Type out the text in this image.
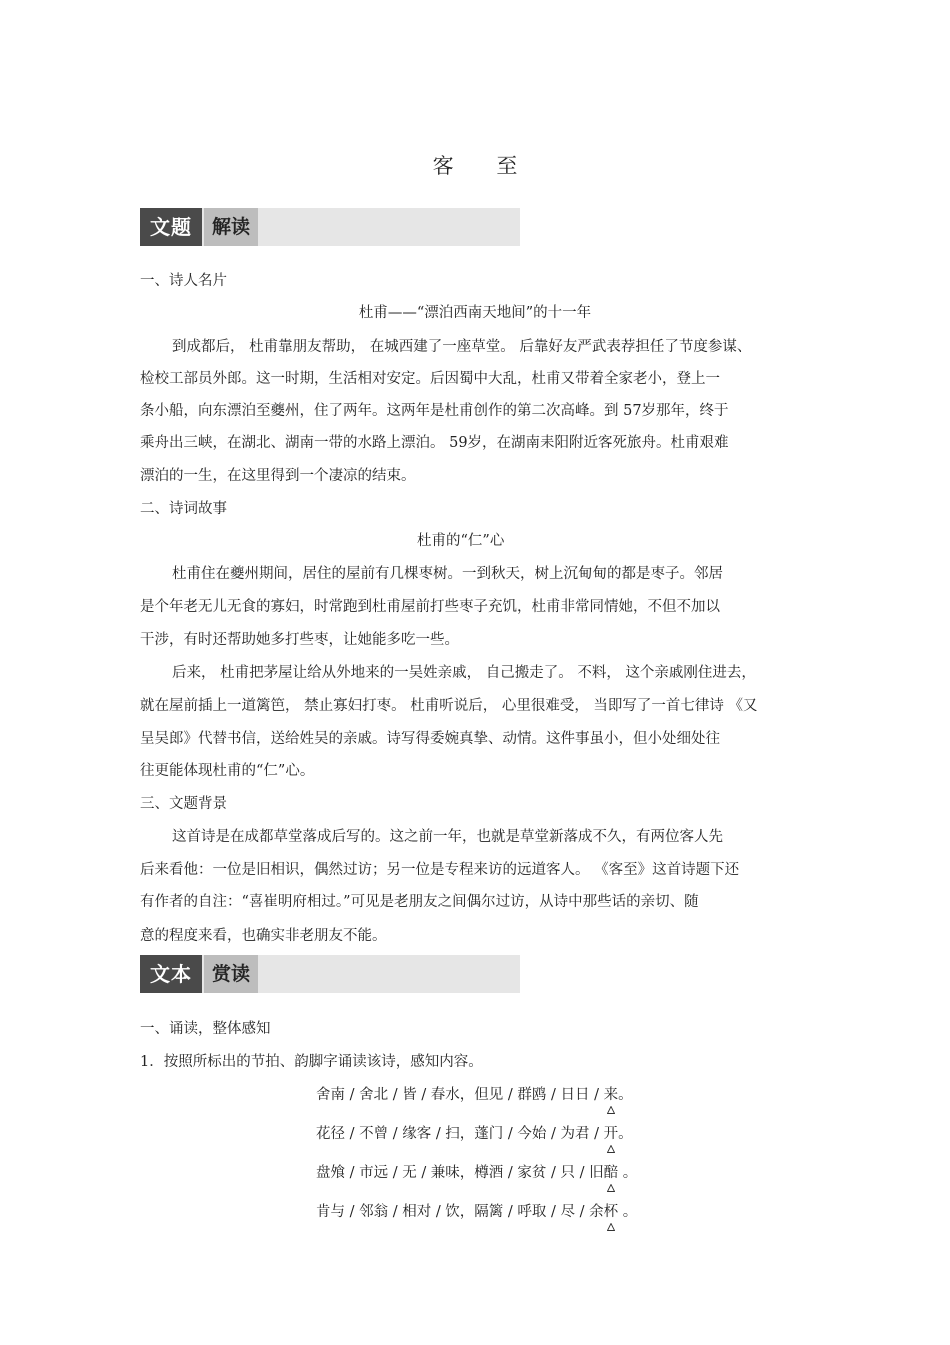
客 至
文题	解读
一、诗人名片
杜甫——“漂泊西南天地间”的十一年
到成都后， 杜甫靠朋友帮助， 在城西建了一座草堂。 后靠好友严武表荐担任了节度参谋、
检校工部员外郎。这一时期，生活相对安定。后因蜀中大乱，杜甫又带着全家老小，登上一
条小船，向东漂泊至夔州，住了两年。这两年是杜甫创作的第二次高峰。到 57岁那年，终于
乘舟出三峡，在湖北、湖南一带的水路上漂泊。 59岁，在湖南耒阳附近客死旅舟。杜甫艰难
漂泊的一生，在这里得到一个凄凉的结束。
二、诗词故事
杜甫的“仁”心
杜甫住在夔州期间，居住的屋前有几棵枣树。一到秋天，树上沉甸甸的都是枣子。邻居
是个年老无儿无食的寡妇，时常跑到杜甫屋前打些枣子充饥，杜甫非常同情她，不但不加以
干涉，有时还帮助她多打些枣，让她能多吃一些。
后来， 杜甫把茅屋让给从外地来的一吴姓亲戚， 自己搬走了。 不料， 这个亲戚刚住进去，
就在屋前插上一道篱笆， 禁止寡妇打枣。 杜甫听说后， 心里很难受， 当即写了一首七律诗 《又
呈吴郎》代替书信，送给姓吴的亲戚。诗写得委婉真挚、动情。这件事虽小，但小处细处往
往更能体现杜甫的“仁”心。
三、文题背景
这首诗是在成都草堂落成后写的。这之前一年，也就是草堂新落成不久，有两位客人先
后来看他：一位是旧相识，偶然过访；另一位是专程来访的远道客人。 《客至》这首诗题下还
有作者的自注：“喜崔明府相过。”可见是老朋友之间偶尔过访，从诗中那些话的亲切、随
意的程度来看，也确实非老朋友不能。
文本	赏读
一、诵读，整体感知
1．按照所标出的节拍、韵脚字诵读该诗，感知内容。
舍南 / 舍北 / 皆 / 春水，但见 / 群鸥 / 日日 / 来
。
花径 / 不曾 / 缘客 / 扫，蓬门 / 今始 / 为君 / 开
。
盘飧 / 市远 / 无 / 兼味，樽酒 / 家贫 / 只 / 旧醅
。
肯与 / 邻翁 / 相对 / 饮，隔篱 / 呼取 / 尽 / 余杯
。
